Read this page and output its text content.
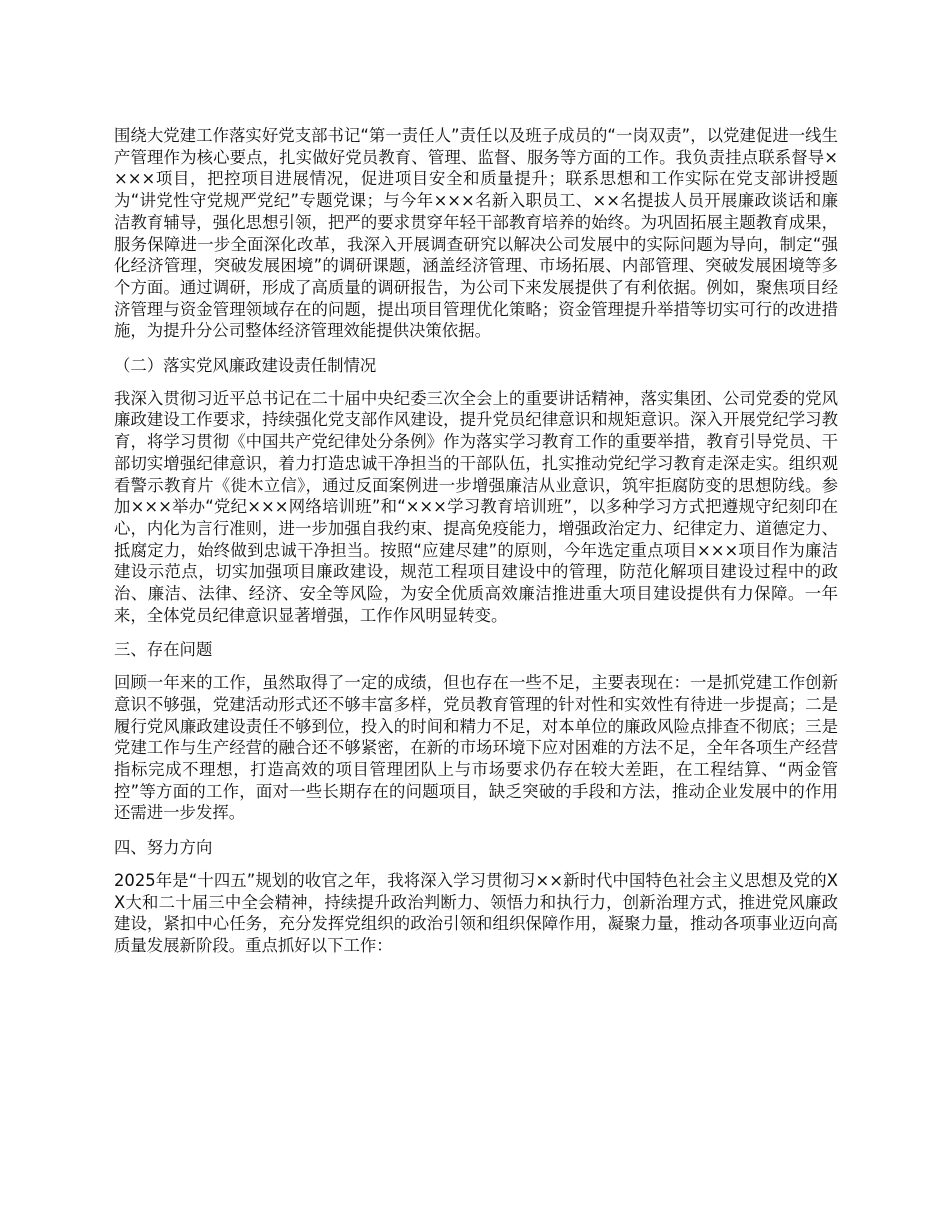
围绕大党建工作落实好党支部书记“第一责任人”责任以及班子成员的“一岗双责”，以党建促进一线生产管理作为核心要点，扎实做好党员教育、管理、监督、服务等方面的工作。我负责挂点联系督导××××项目，把控项目进展情况，促进项目安全和质量提升；联系思想和工作实际在党支部讲授题为“讲党性守党规严党纪”专题党课；与今年×××名新入职员工、××名提拔人员开展廉政谈话和廉洁教育辅导，强化思想引领，把严的要求贯穿年轻干部教育培养的始终。为巩固拓展主题教育成果，服务保障进一步全面深化改革，我深入开展调查研究以解决公司发展中的实际问题为导向，制定“强化经济管理，突破发展困境”的调研课题，涵盖经济管理、市场拓展、内部管理、突破发展困境等多个方面。通过调研，形成了高质量的调研报告，为公司下来发展提供了有利依据。例如，聚焦项目经济管理与资金管理领域存在的问题，提出项目管理优化策略；资金管理提升举措等切实可行的改进措施，为提升分公司整体经济管理效能提供决策依据。

（二）落实党风廉政建设责任制情况

我深入贯彻习近平总书记在二十届中央纪委三次全会上的重要讲话精神，落实集团、公司党委的党风廉政建设工作要求，持续强化党支部作风建设，提升党员纪律意识和规矩意识。深入开展党纪学习教育，将学习贯彻《中国共产党纪律处分条例》作为落实学习教育工作的重要举措，教育引导党员、干部切实增强纪律意识，着力打造忠诚干净担当的干部队伍，扎实推动党纪学习教育走深走实。组织观看警示教育片《徙木立信》，通过反面案例进一步增强廉洁从业意识，筑牢拒腐防变的思想防线。参加×××举办“党纪×××网络培训班”和“×××学习教育培训班”，以多种学习方式把遵规守纪刻印在心，内化为言行准则，进一步加强自我约束、提高免疫能力，增强政治定力、纪律定力、道德定力、抵腐定力，始终做到忠诚干净担当。按照“应建尽建”的原则，今年选定重点项目×××项目作为廉洁建设示范点，切实加强项目廉政建设，规范工程项目建设中的管理，防范化解项目建设过程中的政治、廉洁、法律、经济、安全等风险，为安全优质高效廉洁推进重大项目建设提供有力保障。一年来，全体党员纪律意识显著增强，工作作风明显转变。

三、存在问题

回顾一年来的工作，虽然取得了一定的成绩，但也存在一些不足，主要表现在：一是抓党建工作创新意识不够强，党建活动形式还不够丰富多样，党员教育管理的针对性和实效性有待进一步提高；二是履行党风廉政建设责任不够到位，投入的时间和精力不足，对本单位的廉政风险点排查不彻底；三是党建工作与生产经营的融合还不够紧密，在新的市场环境下应对困难的方法不足，全年各项生产经营指标完成不理想，打造高效的项目管理团队上与市场要求仍存在较大差距，在工程结算、“两金管控”等方面的工作，面对一些长期存在的问题项目，缺乏突破的手段和方法，推动企业发展中的作用还需进一步发挥。

四、努力方向

2025年是“十四五”规划的收官之年，我将深入学习贯彻习××新时代中国特色社会主义思想及党的XX大和二十届三中全会精神，持续提升政治判断力、领悟力和执行力，创新治理方式，推进党风廉政建设，紧扣中心任务，充分发挥党组织的政治引领和组织保障作用，凝聚力量，推动各项事业迈向高质量发展新阶段。重点抓好以下工作：
